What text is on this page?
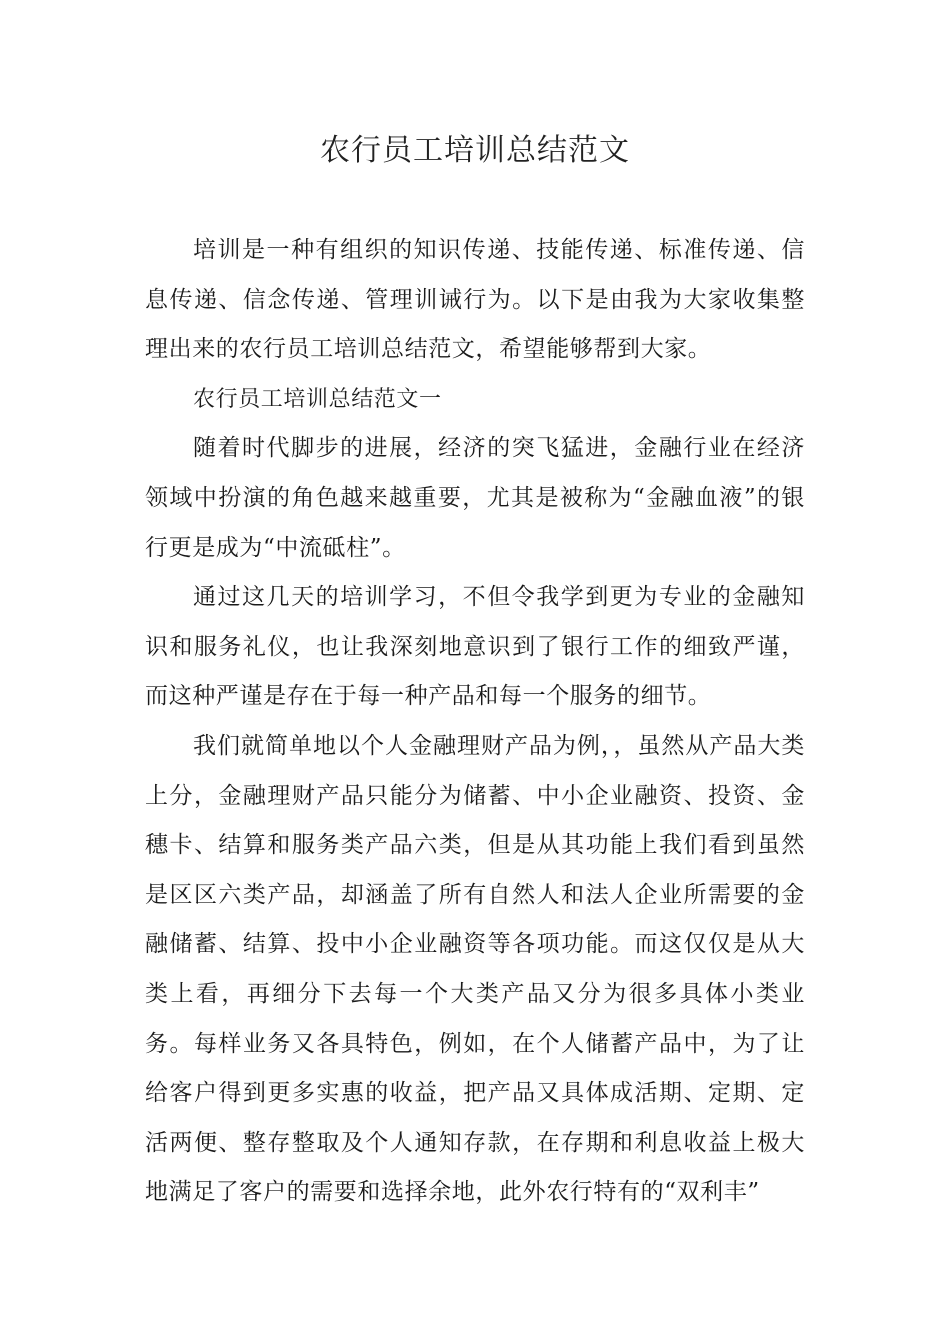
农行员工培训总结范文

培训是一种有组织的知识传递、技能传递、标准传递、信息传递、信念传递、管理训诫行为。以下是由我为大家收集整理出来的农行员工培训总结范文，希望能够帮到大家。

农行员工培训总结范文一

随着时代脚步的进展，经济的突飞猛进，金融行业在经济领域中扮演的角色越来越重要，尤其是被称为“金融血液”的银行更是成为“中流砥柱”。

通过这几天的培训学习，不但令我学到更为专业的金融知识和服务礼仪，也让我深刻地意识到了银行工作的细致严谨，而这种严谨是存在于每一种产品和每一个服务的细节。

我们就简单地以个人金融理财产品为例，，虽然从产品大类上分，金融理财产品只能分为储蓄、中小企业融资、投资、金穗卡、结算和服务类产品六类，但是从其功能上我们看到虽然是区区六类产品，却涵盖了所有自然人和法人企业所需要的金融储蓄、结算、投中小企业融资等各项功能。而这仅仅是从大类上看，再细分下去每一个大类产品又分为很多具体小类业务。每样业务又各具特色，例如，在个人储蓄产品中，为了让给客户得到更多实惠的收益，把产品又具体成活期、定期、定活两便、整存整取及个人通知存款，在存期和利息收益上极大地满足了客户的需要和选择余地，此外农行特有的“双利丰”
